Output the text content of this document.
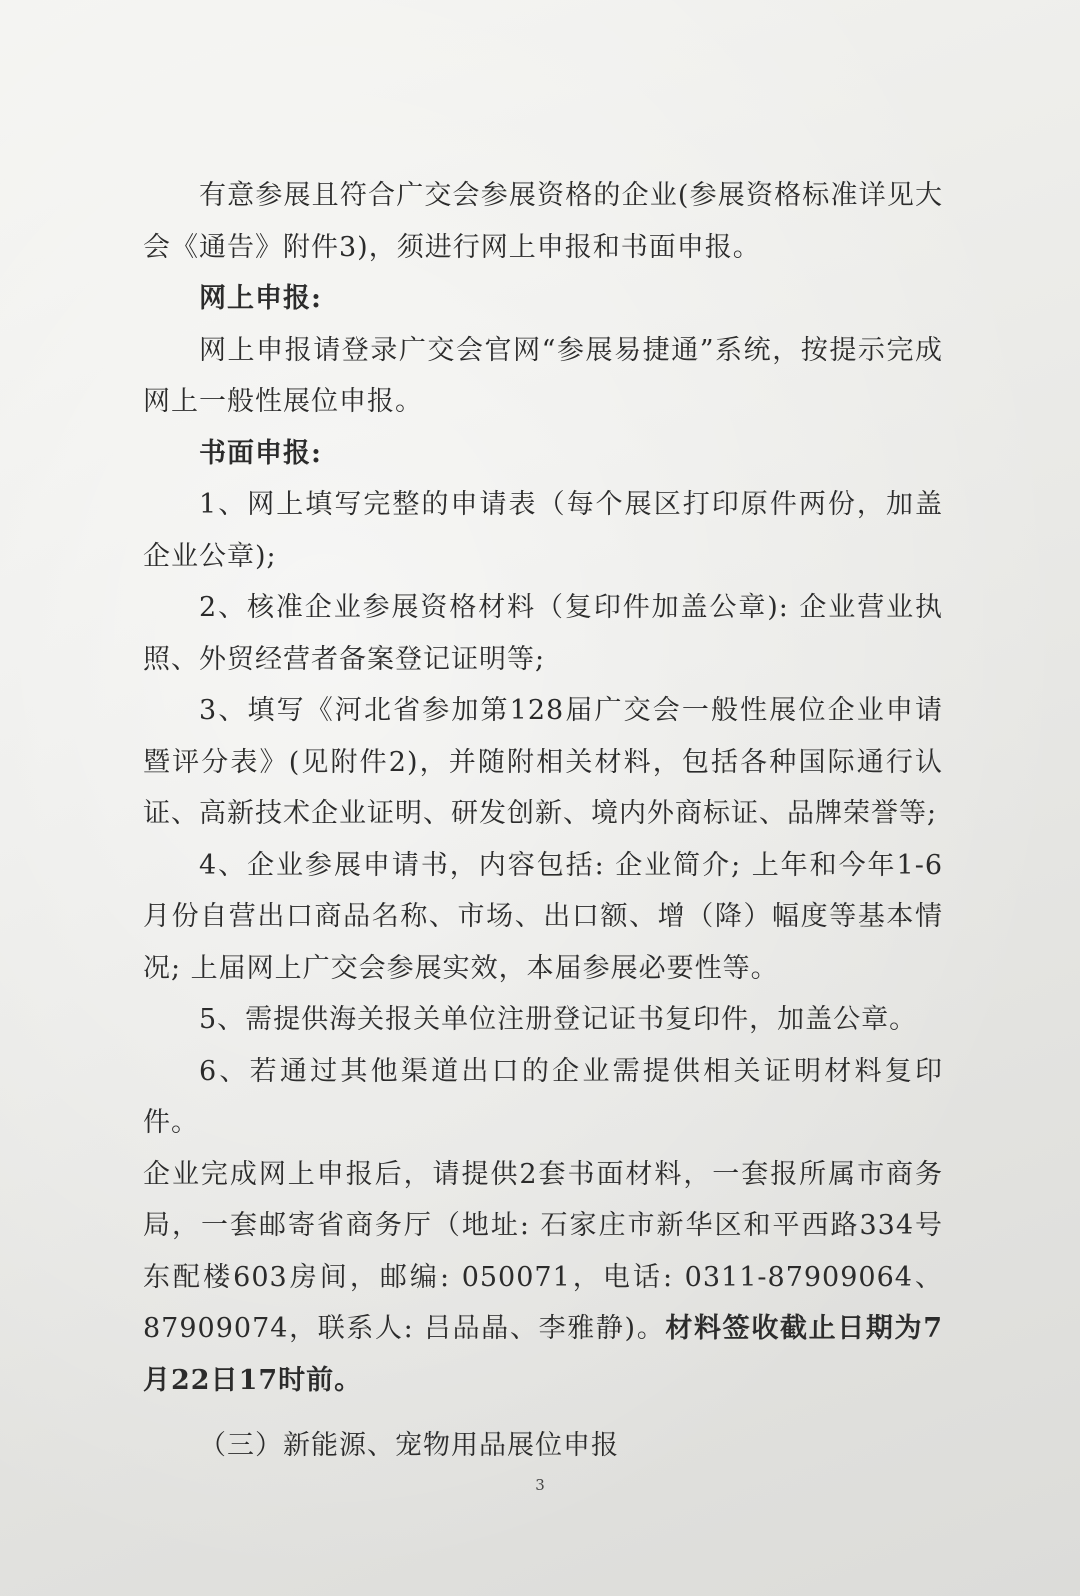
有意参展且符合广交会参展资格的企业(参展资格标准详见大会《通告》附件3)，须进行网上申报和书面申报。

网上申报:

网上申报请登录广交会官网“参展易捷通”系统，按提示完成网上一般性展位申报。

书面申报:

1、网上填写完整的申请表（每个展区打印原件两份，加盖企业公章);

2、核准企业参展资格材料（复印件加盖公章): 企业营业执照、外贸经营者备案登记证明等;

3、填写《河北省参加第128届广交会一般性展位企业申请暨评分表》(见附件2)，并随附相关材料，包括各种国际通行认证、高新技术企业证明、研发创新、境内外商标证、品牌荣誉等;

4、企业参展申请书，内容包括: 企业简介; 上年和今年1-6月份自营出口商品名称、市场、出口额、增（降）幅度等基本情况; 上届网上广交会参展实效，本届参展必要性等。

5、需提供海关报关单位注册登记证书复印件，加盖公章。

6、若通过其他渠道出口的企业需提供相关证明材料复印件。

企业完成网上申报后，请提供2套书面材料，一套报所属市商务局，一套邮寄省商务厅（地址: 石家庄市新华区和平西路334号东配楼603房间，邮编: 050071，电话: 0311-87909064、87909074，联系人: 吕品晶、李雅静)。材料签收截止日期为7月22日17时前。

（三）新能源、宠物用品展位申报

3
